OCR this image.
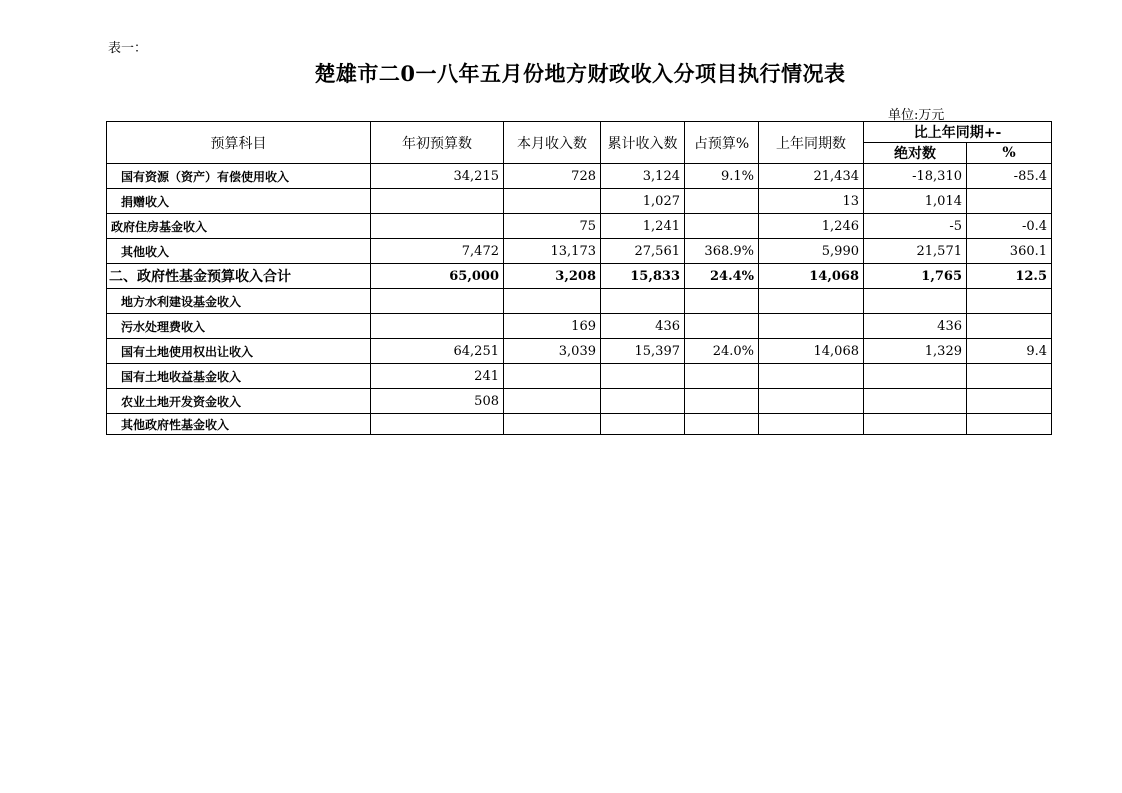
表一：
楚雄市二0一八年五月份地方财政收入分项目执行情况表
单位:万元
预算科目	年初预算数	本月收入数	累计收入数	占预算%	上年同期数	比上年同期+-	
						绝对数	%
国有资源（资产）有偿使用收入	34,215	728	3,124	9.1%	21,434	-18,310	-85.4
捐赠收入			1,027		13	1,014	
政府住房基金收入		75	1,241		1,246	-5	-0.4
其他收入	7,472	13,173	27,561	368.9%	5,990	21,571	360.1
二、政府性基金预算收入合计	65,000	3,208	15,833	24.4%	14,068	1,765	12.5
地方水利建设基金收入							
污水处理费收入		169	436			436	
国有土地使用权出让收入	64,251	3,039	15,397	24.0%	14,068	1,329	9.4
国有土地收益基金收入	241						
农业土地开发资金收入	508						
其他政府性基金收入							
